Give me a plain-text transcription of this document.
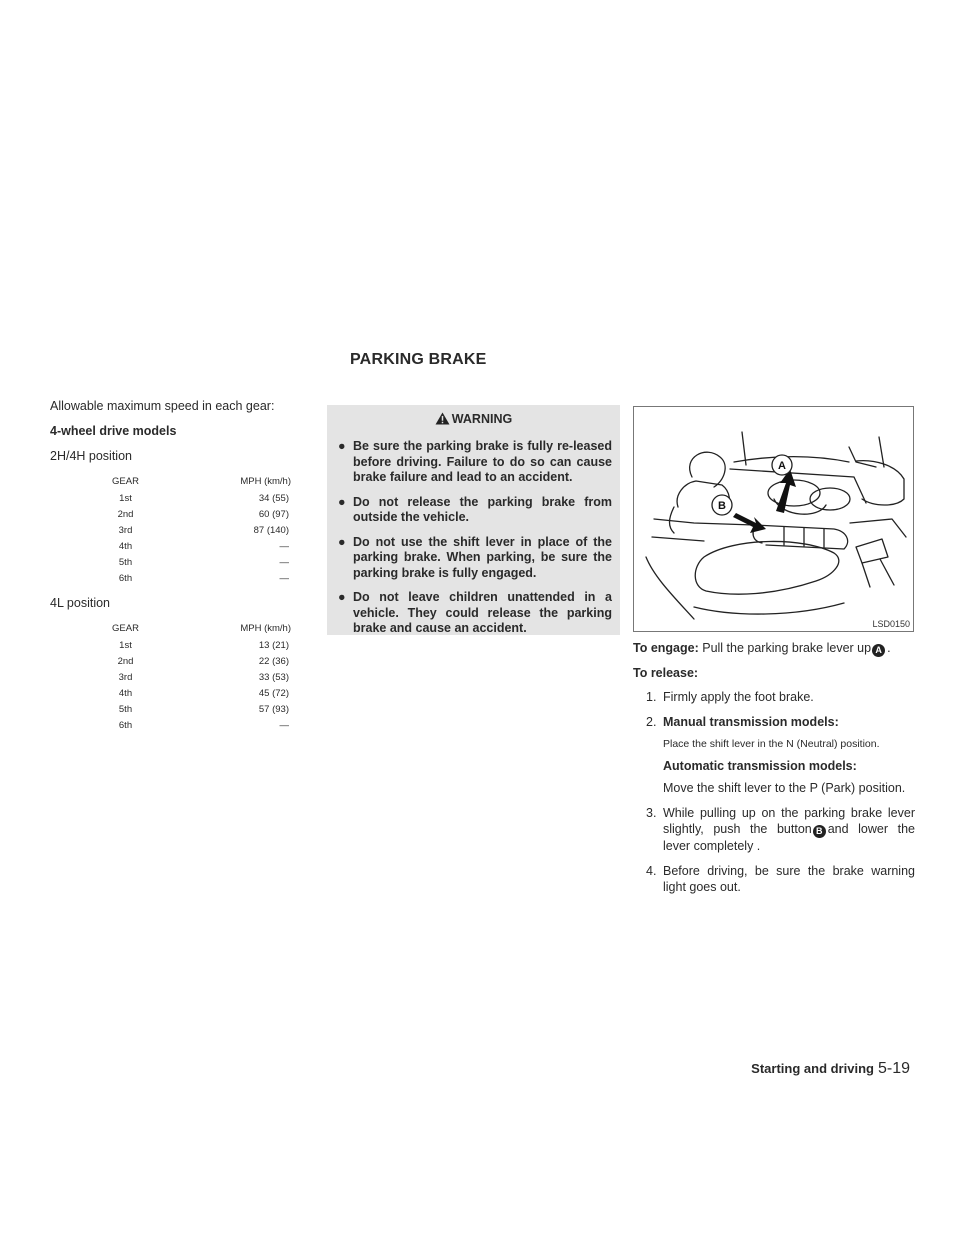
PARKING BRAKE
Allowable maximum speed in each gear:
4-wheel drive models
2H/4H position
GEAR	MPH (km/h)
1st	34 (55)
2nd	60 (97)
3rd	87 (140)
4th	—
5th	—
6th	—
4L position
GEAR	MPH (km/h)
1st	13 (21)
2nd	22 (36)
3rd	33 (53)
4th	45 (72)
5th	57 (93)
6th	—
WARNING
● Be sure the parking brake is fully re-leased before driving. Failure to do so can cause brake failure and lead to an accident.
● Do not release the parking brake from outside the vehicle.
● Do not use the shift lever in place of the parking brake. When parking, be sure the parking brake is fully engaged.
● Do not leave children unattended in a vehicle. They could release the parking brake and cause an accident.
A
B
LSD0150
To engage: Pull the parking brake lever up A .
To release:
1. Firmly apply the foot brake.
2. Manual transmission models:
Place the shift lever in the N (Neutral) position.
Automatic transmission models:
Move the shift lever to the P (Park) position.
3. While pulling up on the parking brake lever slightly, push the button B and lower the lever completely .
4. Before driving, be sure the brake warning light goes out.
Starting and driving 5-19
